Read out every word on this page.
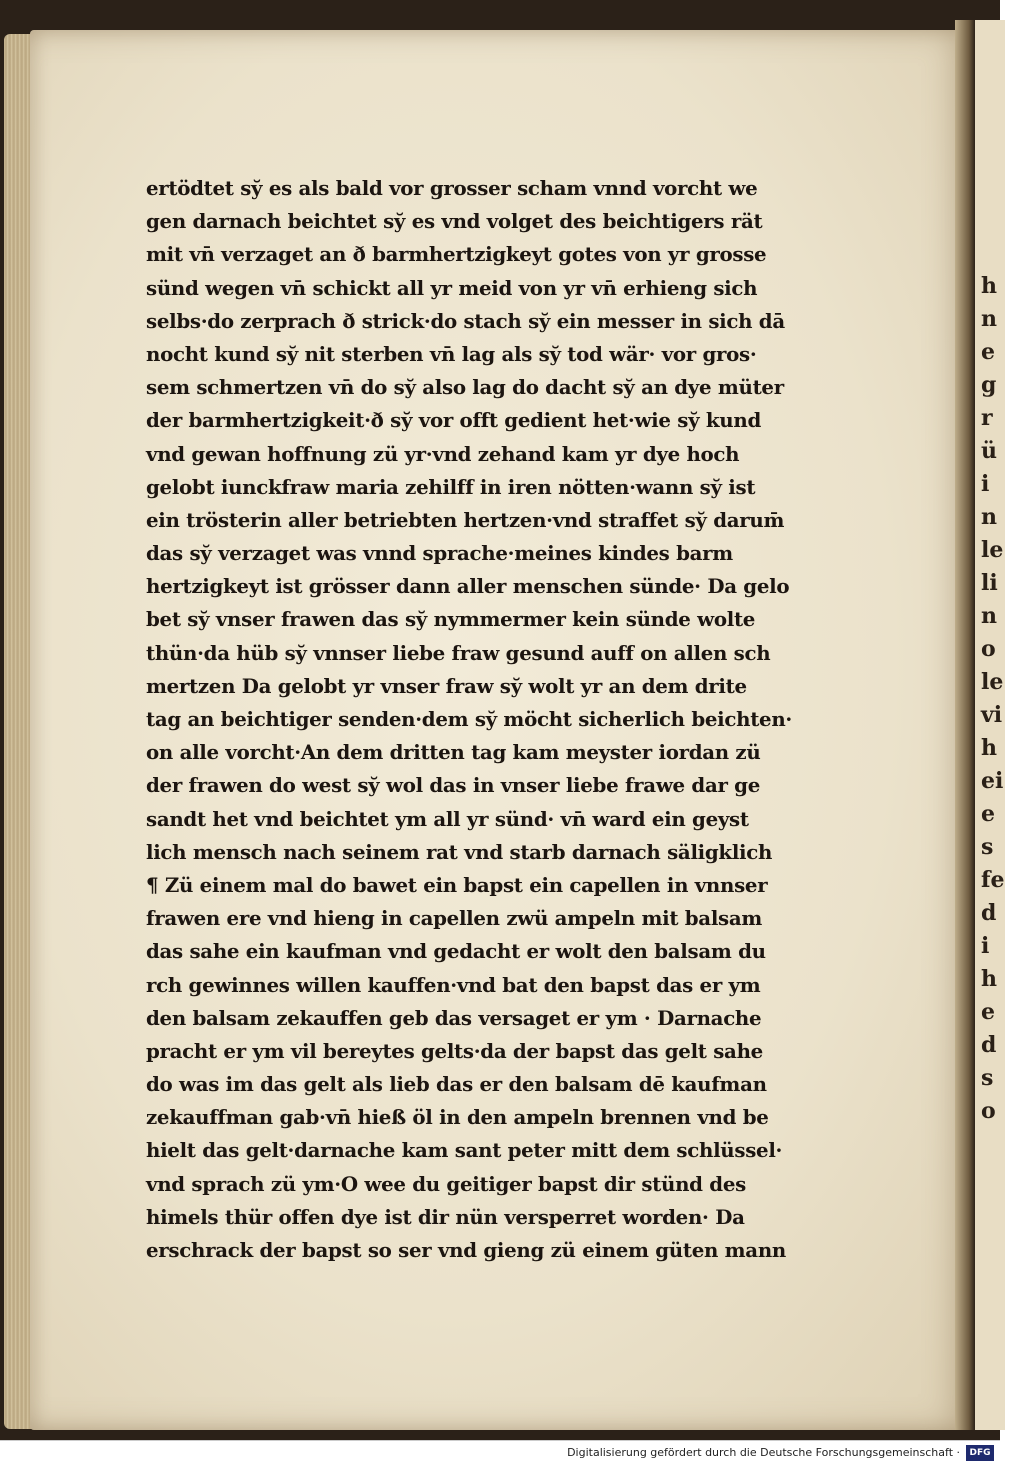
h
n
e
g
r
ü
i
n
le
li
n
o
le
vi
h
ei
e
s
fe
d
i
h
e
d
s
o
ertödtet sy̆ es als bald vor grosser scham vnnd vorcht we
gen darnach beichtet sy̆ es vnd volget des beichtigers rät
mit vn̄ verzaget an ð barmhertzigkeyt gotes von yr grosse
sünd wegen vn̄ schickt all yr meid von yr vn̄ erhieng sich
selbs·do zerprach ð strick·do stach sy̆ ein messer in sich dā
nocht kund sy̆ nit sterben vn̄ lag als sy̆ tod wär· vor gros·
sem schmertzen vn̄ do sy̆ also lag do dacht sy̆ an dye müter
der barmhertzigkeit·ð sy̆ vor offt gedient het·wie sy̆ kund
vnd gewan hoffnung zü yr·vnd zehand kam yr dye hoch
gelobt iunckfraw maria zehilff in iren nötten·wann sy̆ ist
ein trösterin aller betriebten hertzen·vnd straffet sy̆ darum̄
das sy̆ verzaget was vnnd sprache·meines kindes barm
hertzigkeyt ist grösser dann aller menschen sünde· Da gelo
bet sy̆ vnser frawen das sy̆ nymmermer kein sünde wolte
thün·da hüb sy̆ vnnser liebe fraw gesund auff on allen sch
mertzen Da gelobt yr vnser fraw sy̆ wolt yr an dem drite
tag an beichtiger senden·dem sy̆ möcht sicherlich beichten·
on alle vorcht·An dem dritten tag kam meyster iordan zü
der frawen do west sy̆ wol das in vnser liebe frawe dar ge
sandt het vnd beichtet ym all yr sünd· vn̄ ward ein geyst
lich mensch nach seinem rat vnd starb darnach säligklich
¶ Zü einem mal do bawet ein bapst ein capellen in vnnser
frawen ere vnd hieng in capellen zwü ampeln mit balsam
das sahe ein kaufman vnd gedacht er wolt den balsam du
rch gewinnes willen kauffen·vnd bat den bapst das er ym
den balsam zekauffen geb das versaget er ym · Darnache
pracht er ym vil bereytes gelts·da der bapst das gelt sahe
do was im das gelt als lieb das er den balsam dē kaufman
zekauffman gab·vn̄ hieß öl in den ampeln brennen vnd be
hielt das gelt·darnache kam sant peter mitt dem schlüssel·
vnd sprach zü ym·O wee du geitiger bapst dir stünd des
himels thür offen dye ist dir nün versperret worden· Da
erschrack der bapst so ser vnd gieng zü einem güten mann
Digitalisierung gefördert durch die Deutsche Forschungsgemeinschaft ·	DFG
